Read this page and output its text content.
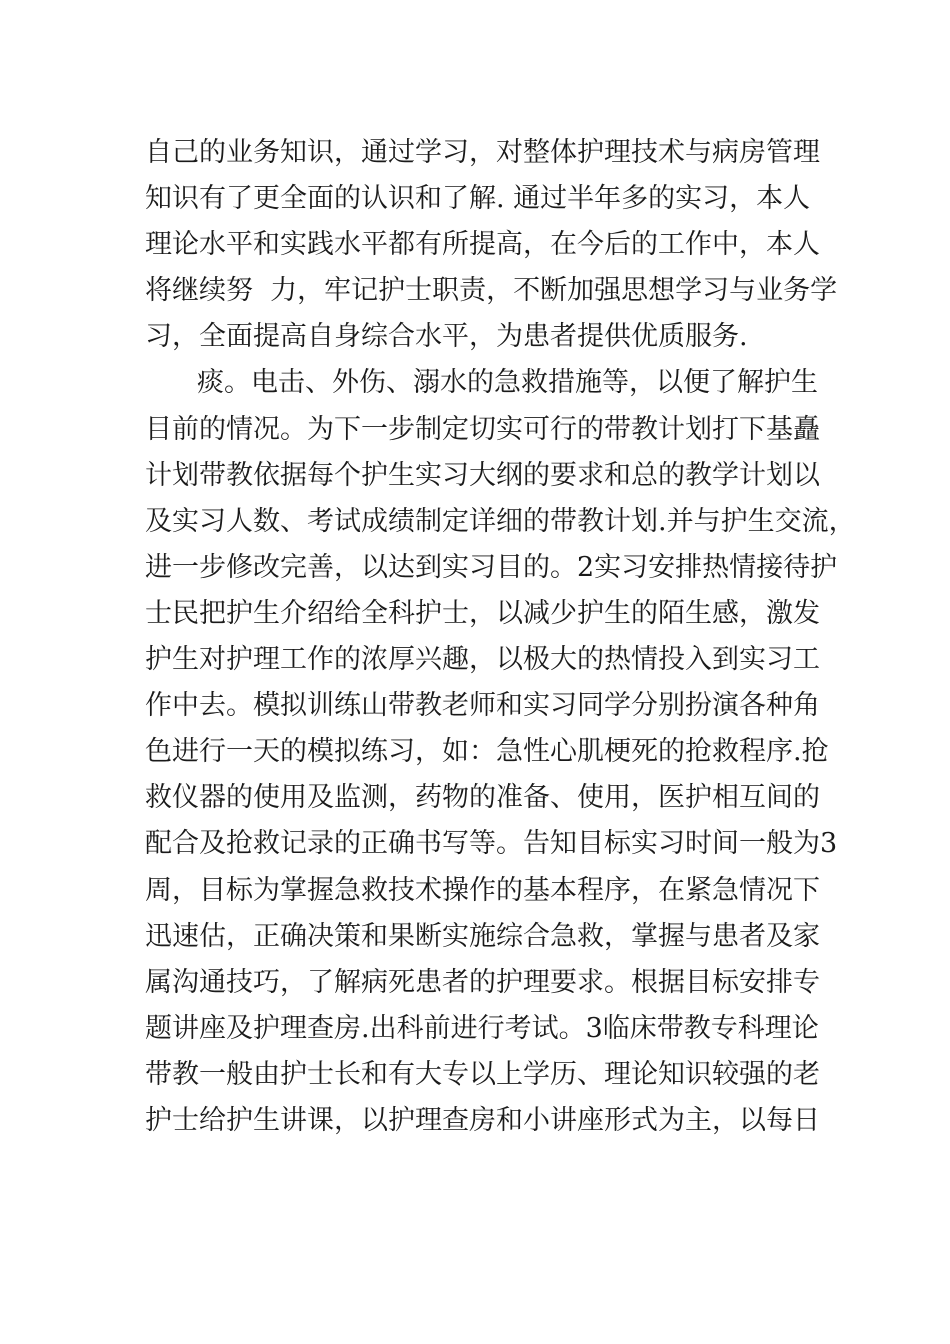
自己的业务知识，通过学习，对整体护理技术与病房管理
知识有了更全面的认识和了解. 通过半年多的实习，本人
理论水平和实践水平都有所提高，在今后的工作中，本人
将继续努  力，牢记护士职责，不断加强思想学习与业务学
习，全面提高自身综合水平，为患者提供优质服务.
痰。电击、外伤、溺水的急救措施等，以便了解护生
目前的情况。为下一步制定切实可行的带教计划打下基矗
计划带教依据每个护生实习大纲的要求和总的教学计划以
及实习人数、考试成绩制定详细的带教计划.并与护生交流，
进一步修改完善，以达到实习目的。2实习安排热情接待护
士民把护生介绍给全科护士，以减少护生的陌生感，激发
护生对护理工作的浓厚兴趣，以极大的热情投入到实习工
作中去。模拟训练山带教老师和实习同学分别扮演各种角
色进行一天的模拟练习，如：急性心肌梗死的抢救程序.抢
救仪器的使用及监测，药物的准备、使用，医护相互间的
配合及抢救记录的正确书写等。告知目标实习时间一般为3
周，目标为掌握急救技术操作的基本程序，在紧急情况下
迅速估，正确决策和果断实施综合急救，掌握与患者及家
属沟通技巧，了解病死患者的护理要求。根据目标安排专
题讲座及护理查房.出科前进行考试。3临床带教专科理论
带教一般由护士长和有大专以上学历、理论知识较强的老
护士给护生讲课，以护理查房和小讲座形式为主，以每日
